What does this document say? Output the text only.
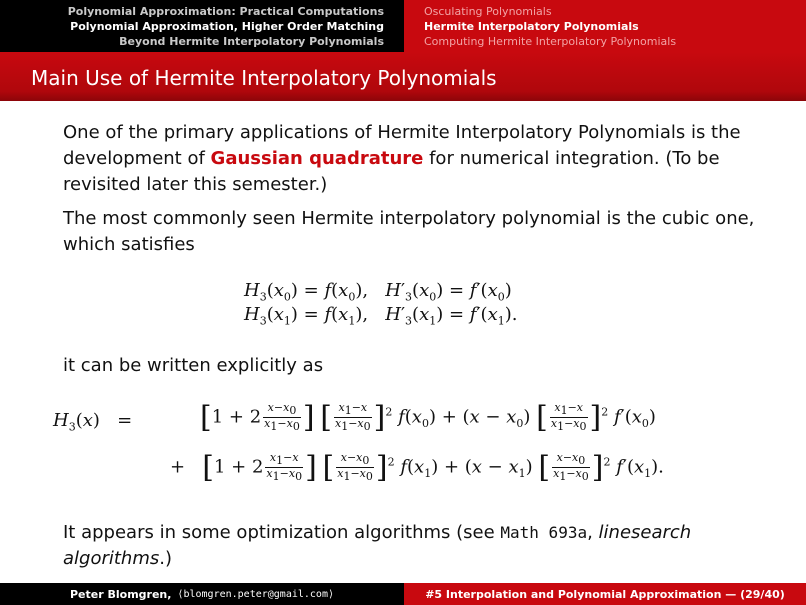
Polynomial Approximation: Practical Computations
Polynomial Approximation, Higher Order Matching
Beyond Hermite Interpolatory Polynomials
Osculating Polynomials
Hermite Interpolatory Polynomials
Computing Hermite Interpolatory Polynomials
Main Use of Hermite Interpolatory Polynomials
One of the primary applications of Hermite Interpolatory Polynomials is the development of Gaussian quadrature for numerical integration. (To be revisited later this semester.)
The most commonly seen Hermite interpolatory polynomial is the cubic one, which satisfies
$H_3(x_0) = f(x_0)$,   $H'_3(x_0) = f'(x_0)$
$H_3(x_1) = f(x_1)$,   $H'_3(x_1) = f'(x_1)$.
it can be written explicitly as
$H_3(x) = [1 + 2 \frac{x-x_0}{x_1-x_0}$ ] [ $\frac{x_1-x}{x_1-x_0} ]^2$ $f(x_0) + (x - x_0)$ [ $\frac{x_1-x}{x_1-x_0} ]^2$ $f'(x_0)$
+   [$1 + 2 \frac{x_1-x}{x_1-x_0}$ ] [ $\frac{x-x_0}{x_1-x_0} ]^2$ $f(x_1) + (x - x_1)$ [ $\frac{x-x_0}{x_1-x_0} ]^2$ $f'(x_1)$.
It appears in some optimization algorithms (see Math 693a, linesearch algorithms.)
Peter Blomgren, ⟨blomgren.peter@gmail.com⟩	#5 Interpolation and Polynomial Approximation — (29/40)
